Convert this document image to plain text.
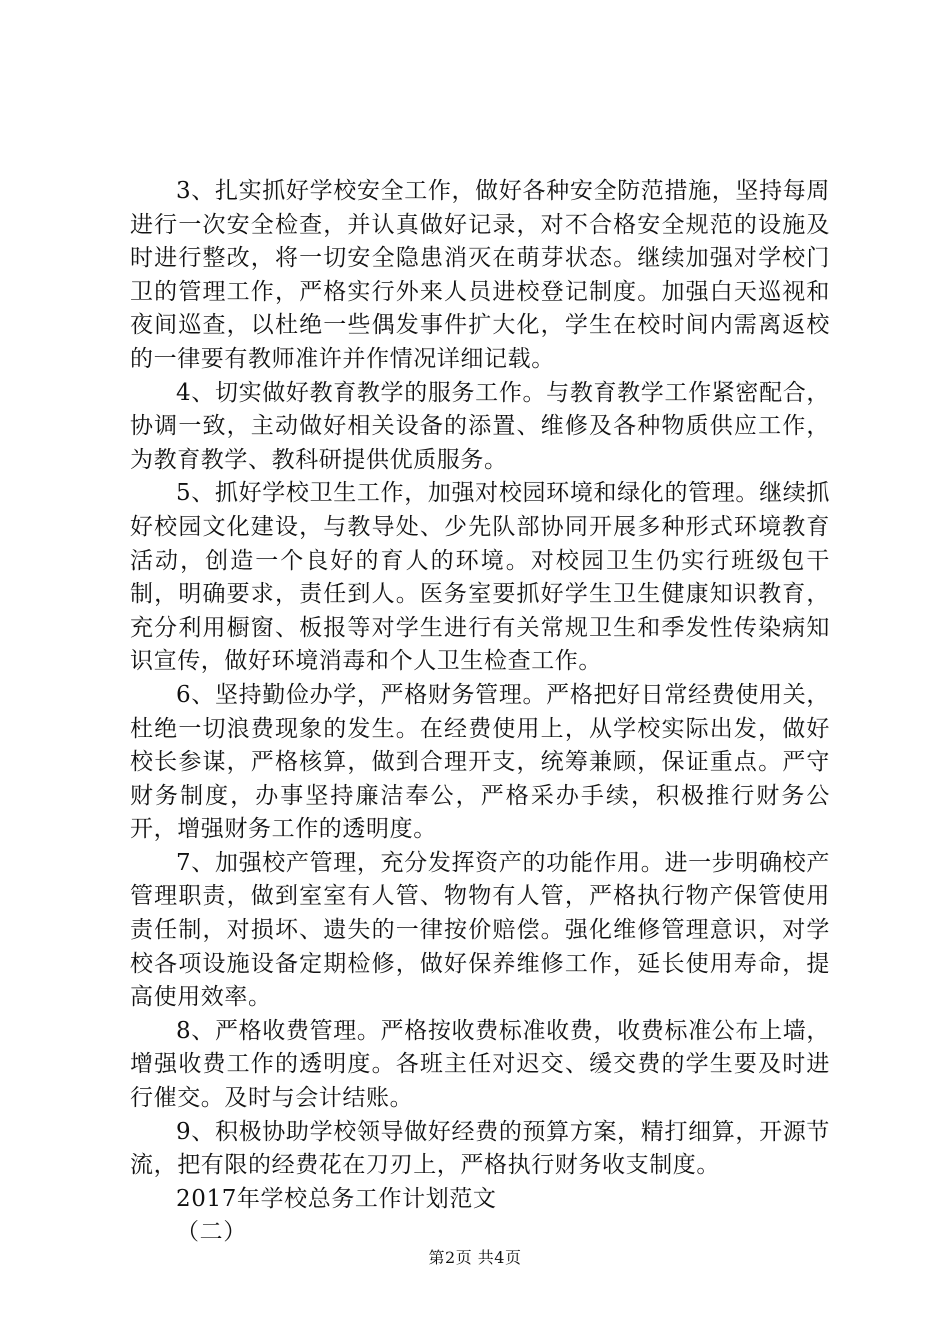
3、扎实抓好学校安全工作，做好各种安全防范措施，坚持每周进行一次安全检查，并认真做好记录，对不合格安全规范的设施及时进行整改，将一切安全隐患消灭在萌芽状态。继续加强对学校门卫的管理工作，严格实行外来人员进校登记制度。加强白天巡视和夜间巡查，以杜绝一些偶发事件扩大化，学生在校时间内需离返校的一律要有教师准许并作情况详细记载。

4、切实做好教育教学的服务工作。与教育教学工作紧密配合，协调一致，主动做好相关设备的添置、维修及各种物质供应工作，为教育教学、教科研提供优质服务。

5、抓好学校卫生工作，加强对校园环境和绿化的管理。继续抓好校园文化建设，与教导处、少先队部协同开展多种形式环境教育活动，创造一个良好的育人的环境。对校园卫生仍实行班级包干制，明确要求，责任到人。医务室要抓好学生卫生健康知识教育，充分利用橱窗、板报等对学生进行有关常规卫生和季发性传染病知识宣传，做好环境消毒和个人卫生检查工作。

6、坚持勤俭办学，严格财务管理。严格把好日常经费使用关，杜绝一切浪费现象的发生。在经费使用上，从学校实际出发，做好校长参谋，严格核算，做到合理开支，统筹兼顾，保证重点。严守财务制度，办事坚持廉洁奉公，严格采办手续，积极推行财务公开，增强财务工作的透明度。

7、加强校产管理，充分发挥资产的功能作用。进一步明确校产管理职责，做到室室有人管、物物有人管，严格执行物产保管使用责任制，对损坏、遗失的一律按价赔偿。强化维修管理意识，对学校各项设施设备定期检修，做好保养维修工作，延长使用寿命，提高使用效率。

8、严格收费管理。严格按收费标准收费，收费标准公布上墙，增强收费工作的透明度。各班主任对迟交、缓交费的学生要及时进行催交。及时与会计结账。

9、积极协助学校领导做好经费的预算方案，精打细算，开源节流，把有限的经费花在刀刃上，严格执行财务收支制度。

2017年学校总务工作计划范文

（二）

第2页 共4页
